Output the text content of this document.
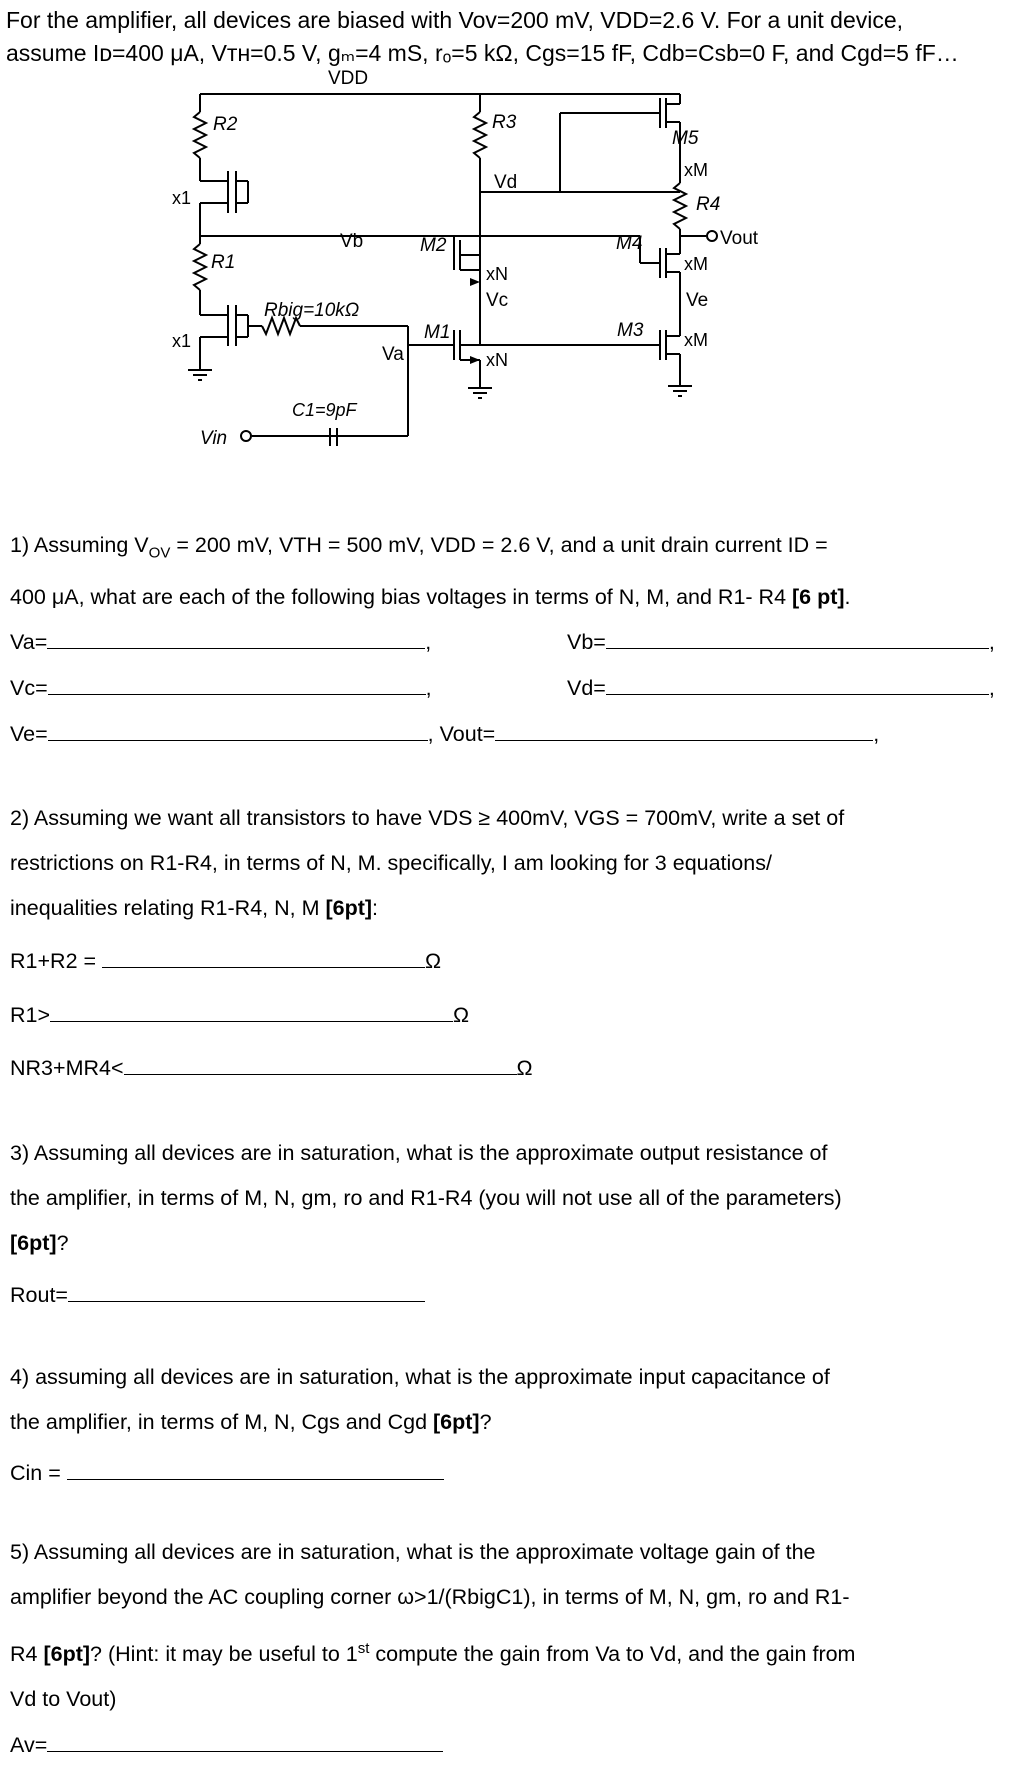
For the amplifier, all devices are biased with Vov=200 mV, VDD=2.6 V. For a unit device,
assume Iᴅ=400 μA, Vᴛʜ=0.5 V, gₘ=4 mS, rₒ=5 kΩ, Cgs=15 fF, Cdb=Csb=0 F, and Cgd=5 fF…
VDD
R2	R3
R1
R4
x1
x1
Vb
Va
Vc
Vd
Ve
M2
M1
M4
M3
M5
xN
xN
xM
xM
xM
Rbig=10kΩ
C1=9pF
Vin
Vout
1) Assuming $V_{OV} = 200$ mV, VTH = 500 mV, VDD = 2.6 V, and a unit drain current ID =
400 μA, what are each of the following bias voltages in terms of N, M, and R1- R4 [6 pt].
Va=	,	Vb=	,
Vc=	,	Vd=	,
Ve=	, Vout=	,
2) Assuming we want all transistors to have VDS ≥ 400mV, VGS = 700mV, write a set of
restrictions on R1-R4, in terms of N, M. specifically, I am looking for 3 equations/
inequalities relating R1-R4, N, M [6pt]:
R1+R2 =	Ω
R1>	Ω
NR3+MR4<	Ω
3) Assuming all devices are in saturation, what is the approximate output resistance of
the amplifier, in terms of M, N, gm, ro and R1-R4 (you will not use all of the parameters)
[6pt]?
Rout=
4) assuming all devices are in saturation, what is the approximate input capacitance of
the amplifier, in terms of M, N, Cgs and Cgd [6pt]?
Cin =
5) Assuming all devices are in saturation, what is the approximate voltage gain of the
amplifier beyond the AC coupling corner ω>1/(RbigC1), in terms of M, N, gm, ro and R1-
R4 [6pt]? (Hint: it may be useful to 1st compute the gain from Va to Vd, and the gain from
Vd to Vout)
Av=
